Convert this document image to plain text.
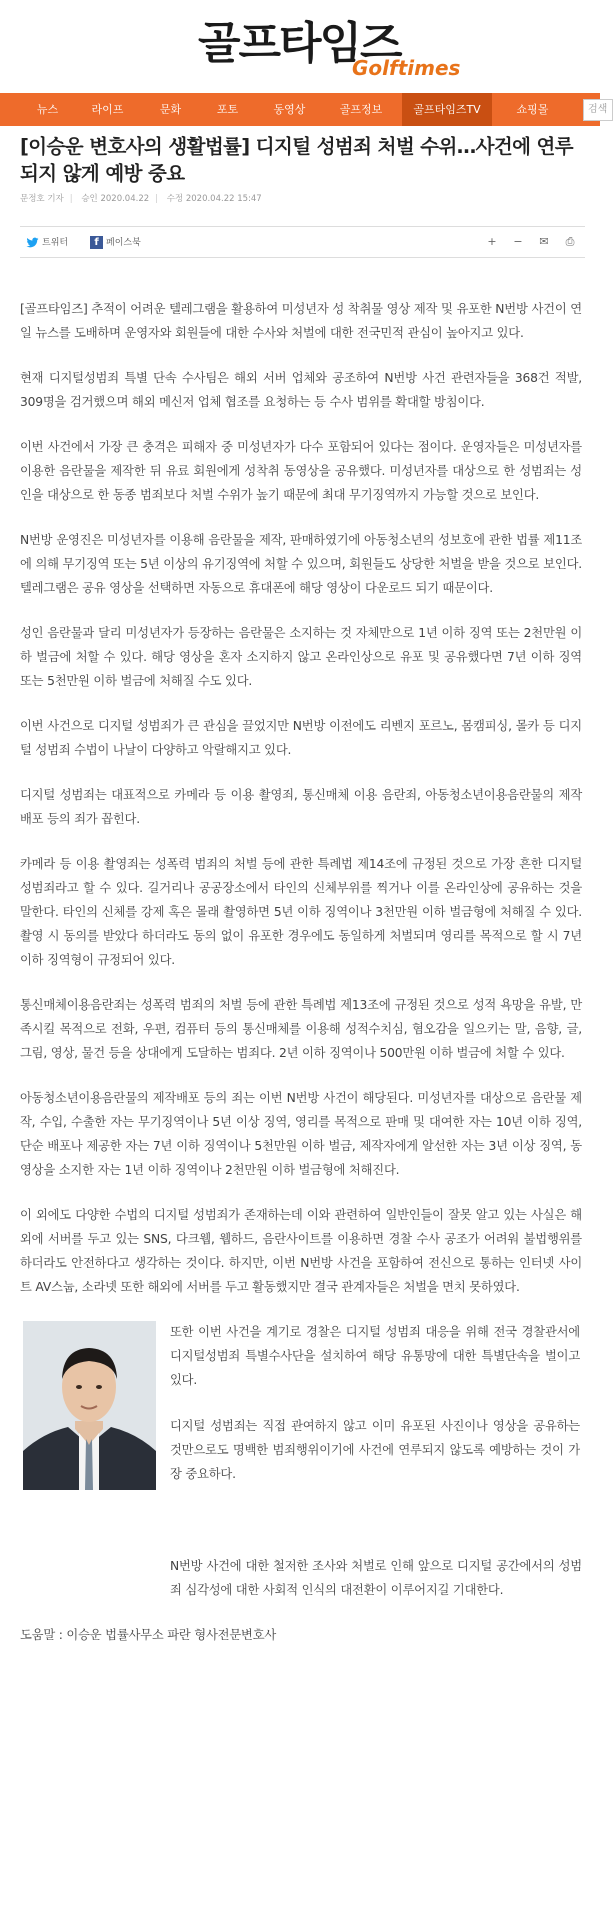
골프타임즈
Golftimes
뉴스	라이프	문화	포토	동영상	골프정보	골프타임즈TV	쇼핑몰	검색
[이승운 변호사의 생활법률] 디지털 성범죄 처벌 수위…사건에 연루되지 않게 예방 중요
문정호 기자 | 승인 2020.04.22 | 수정 2020.04.22 15:47
트위터	f 페이스북	+ − ✉ ⎙

[골프타임즈] 추적이 어려운 텔레그램을 활용하여 미성년자 성 착취물 영상 제작 및 유포한 N번방 사건이 연일 뉴스를 도배하며 운영자와 회원들에 대한 수사와 처벌에 대한 전국민적 관심이 높아지고 있다.

현재 디지털성범죄 특별 단속 수사팀은 해외 서버 업체와 공조하여 N번방 사건 관련자들을 368건 적발, 309명을 검거했으며 해외 메신저 업체 협조를 요청하는 등 수사 범위를 확대할 방침이다.

이번 사건에서 가장 큰 충격은 피해자 중 미성년자가 다수 포함되어 있다는 점이다. 운영자들은 미성년자를 이용한 음란물을 제작한 뒤 유료 회원에게 성착취 동영상을 공유했다. 미성년자를 대상으로 한 성범죄는 성인을 대상으로 한 동종 범죄보다 처벌 수위가 높기 때문에 최대 무기징역까지 가능할 것으로 보인다.

N번방 운영진은 미성년자를 이용해 음란물을 제작, 판매하였기에 아동청소년의 성보호에 관한 법률 제11조에 의해 무기징역 또는 5년 이상의 유기징역에 처할 수 있으며, 회원들도 상당한 처벌을 받을 것으로 보인다. 텔레그램은 공유 영상을 선택하면 자동으로 휴대폰에 해당 영상이 다운로드 되기 때문이다.

성인 음란물과 달리 미성년자가 등장하는 음란물은 소지하는 것 자체만으로 1년 이하 징역 또는 2천만원 이하 벌금에 처할 수 있다. 해당 영상을 혼자 소지하지 않고 온라인상으로 유포 및 공유했다면 7년 이하 징역 또는 5천만원 이하 벌금에 처해질 수도 있다.

이번 사건으로 디지털 성범죄가 큰 관심을 끌었지만 N번방 이전에도 리벤지 포르노, 몸캠피싱, 몰카 등 디지털 성범죄 수법이 나날이 다양하고 악랄해지고 있다.

디지털 성범죄는 대표적으로 카메라 등 이용 촬영죄, 통신매체 이용 음란죄, 아동청소년이용음란물의 제작배포 등의 죄가 꼽힌다.

카메라 등 이용 촬영죄는 성폭력 범죄의 처벌 등에 관한 특례법 제14조에 규정된 것으로 가장 흔한 디지털 성범죄라고 할 수 있다. 길거리나 공공장소에서 타인의 신체부위를 찍거나 이를 온라인상에 공유하는 것을 말한다. 타인의 신체를 강제 혹은 몰래 촬영하면 5년 이하 징역이나 3천만원 이하 벌금형에 처해질 수 있다. 촬영 시 동의를 받았다 하더라도 동의 없이 유포한 경우에도 동일하게 처벌되며 영리를 목적으로 할 시 7년 이하 징역형이 규정되어 있다.

통신매체이용음란죄는 성폭력 범죄의 처벌 등에 관한 특례법 제13조에 규정된 것으로 성적 욕망을 유발, 만족시킬 목적으로 전화, 우편, 컴퓨터 등의 통신매체를 이용해 성적수치심, 혐오감을 일으키는 말, 음향, 글, 그림, 영상, 물건 등을 상대에게 도달하는 범죄다. 2년 이하 징역이나 500만원 이하 벌금에 처할 수 있다.

아동청소년이용음란물의 제작배포 등의 죄는 이번 N번방 사건이 해당된다. 미성년자를 대상으로 음란물 제작, 수입, 수출한 자는 무기징역이나 5년 이상 징역, 영리를 목적으로 판매 및 대여한 자는 10년 이하 징역, 단순 배포나 제공한 자는 7년 이하 징역이나 5천만원 이하 벌금, 제작자에게 알선한 자는 3년 이상 징역, 동영상을 소지한 자는 1년 이하 징역이나 2천만원 이하 벌금형에 처해진다.

이 외에도 다양한 수법의 디지털 성범죄가 존재하는데 이와 관련하여 일반인들이 잘못 알고 있는 사실은 해외에 서버를 두고 있는 SNS, 다크웹, 웹하드, 음란사이트를 이용하면 경찰 수사 공조가 어려워 불법행위를 하더라도 안전하다고 생각하는 것이다. 하지만, 이번 N번방 사건을 포함하여 전신으로 통하는 인터넷 사이트 AV스눕, 소라넷 또한 해외에 서버를 두고 활동했지만 결국 관계자들은 처벌을 면치 못하였다.

또한 이번 사건을 계기로 경찰은 디지털 성범죄 대응을 위해 전국 경찰관서에 디지털성범죄 특별수사단을 설치하여 해당 유통망에 대한 특별단속을 벌이고 있다.

디지털 성범죄는 직접 관여하지 않고 이미 유포된 사진이나 영상을 공유하는 것만으로도 명백한 범죄행위이기에 사건에 연루되지 않도록 예방하는 것이 가장 중요하다.

N번방 사건에 대한 철저한 조사와 처벌로 인해 앞으로 디지털 공간에서의 성범죄 심각성에 대한 사회적 인식의 대전환이 이루어지길 기대한다.

도움말 : 이승운 법률사무소 파란 형사전문변호사
